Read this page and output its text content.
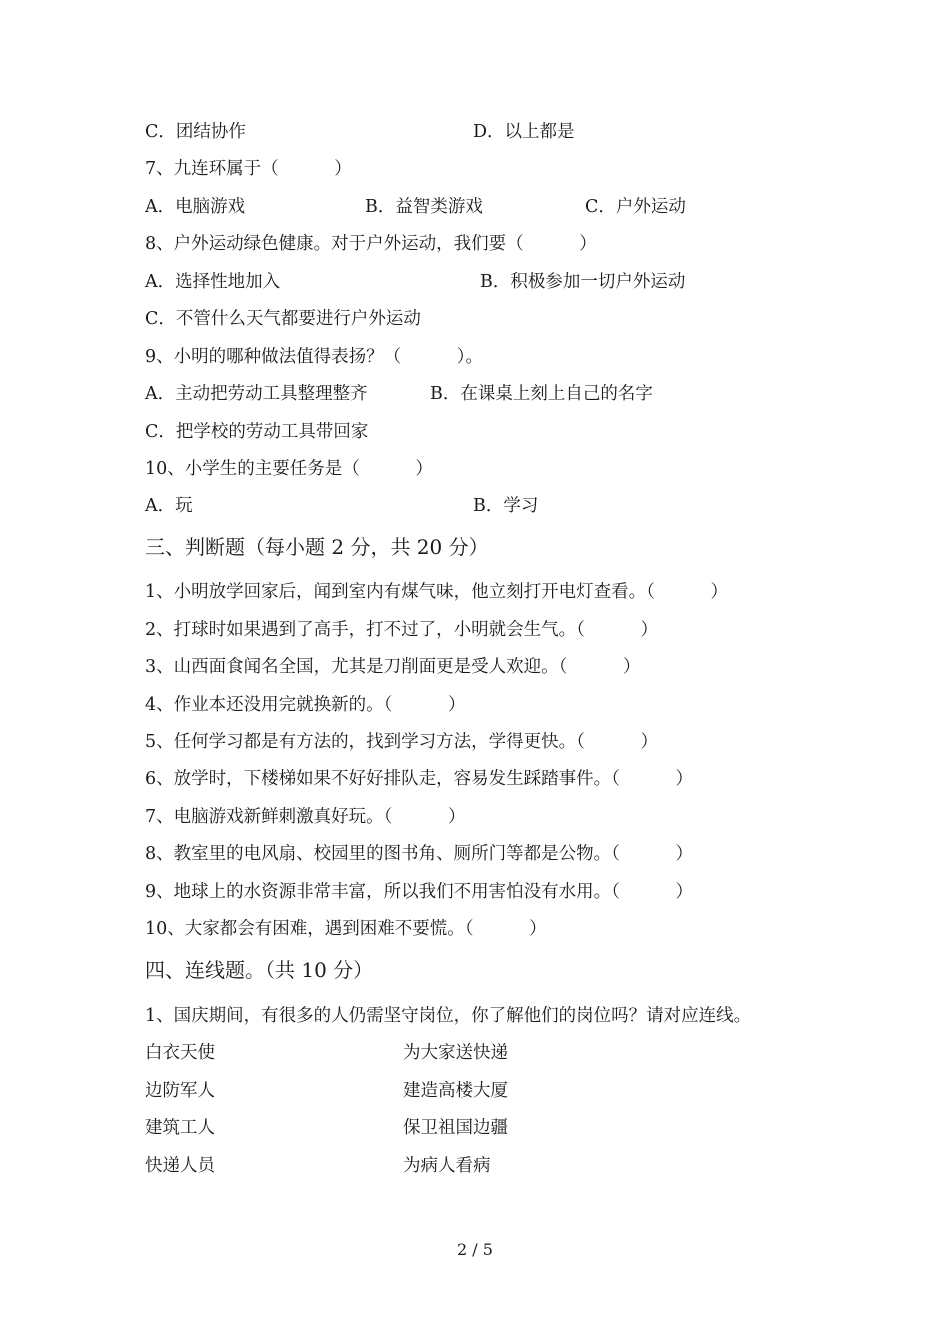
C．团结协作	D．以上都是
7、九连环属于（          ）
A．电脑游戏	B．益智类游戏	C．户外运动
8、户外运动绿色健康。对于户外运动，我们要（          ）
A．选择性地加入	B．积极参加一切户外运动
C．不管什么天气都要进行户外运动
9、小明的哪种做法值得表扬？（          ）。
A．主动把劳动工具整理整齐	B．在课桌上刻上自己的名字
C．把学校的劳动工具带回家
10、小学生的主要任务是（          ）
A．玩	B．学习
三、判断题（每小题 2 分，共 20 分）
1、小明放学回家后，闻到室内有煤气味，他立刻打开电灯查看。（          ）
2、打球时如果遇到了高手，打不过了，小明就会生气。（          ）
3、山西面食闻名全国，尤其是刀削面更是受人欢迎。（          ）
4、作业本还没用完就换新的。（          ）
5、任何学习都是有方法的，找到学习方法，学得更快。（          ）
6、放学时，下楼梯如果不好好排队走，容易发生踩踏事件。（          ）
7、电脑游戏新鲜刺激真好玩。（          ）
8、教室里的电风扇、校园里的图书角、厕所门等都是公物。（          ）
9、地球上的水资源非常丰富，所以我们不用害怕没有水用。（          ）
10、大家都会有困难，遇到困难不要慌。（          ）
四、连线题。（共 10 分）
1、国庆期间，有很多的人仍需坚守岗位，你了解他们的岗位吗？请对应连线。
白衣天使	为大家送快递
边防军人	建造高楼大厦
建筑工人	保卫祖国边疆
快递人员	为病人看病
2 / 5
